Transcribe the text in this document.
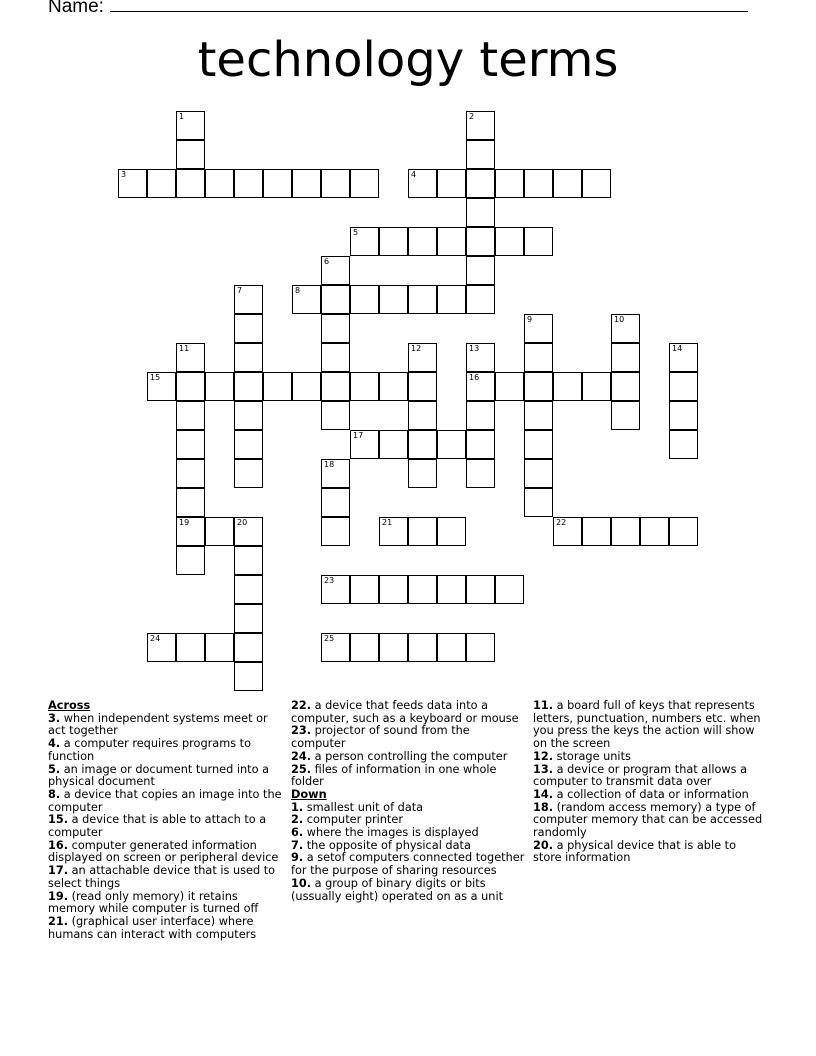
Name:
technology terms
1	2
3	4
5
6
7	8
9	10
11
19
12	13
16
14
15
17
18
20	21	22
23
24	25
Across
3. when independent systems meet or act together
4. a computer requires programs to function
5. an image or document turned into a physical document
8. a device that copies an image into the computer
15. a device that is able to attach to a computer
16. computer generated information displayed on screen or peripheral device
17. an attachable device that is used to select things
19. (read only memory) it retains memory while computer is turned off
21. (graphical user interface) where humans can interact with computers
22. a device that feeds data into a computer, such as a keyboard or mouse
23. projector of sound from the computer
24. a person controlling the computer
25. files of information in one whole folder
Down
1. smallest unit of data
2. computer printer
6. where the images is displayed
7. the opposite of physical data
9. a setof computers connected together for the purpose of sharing resources
10. a group of binary digits or bits (ussually eight) operated on as a unit
11. a board full of keys that represents letters, punctuation, numbers etc. when you press the keys the action will show on the screen
12. storage units
13. a device or program that allows a computer to transmit data over
14. a collection of data or information
18. (random access memory) a type of computer memory that can be accessed randomly
20. a physical device that is able to store information
